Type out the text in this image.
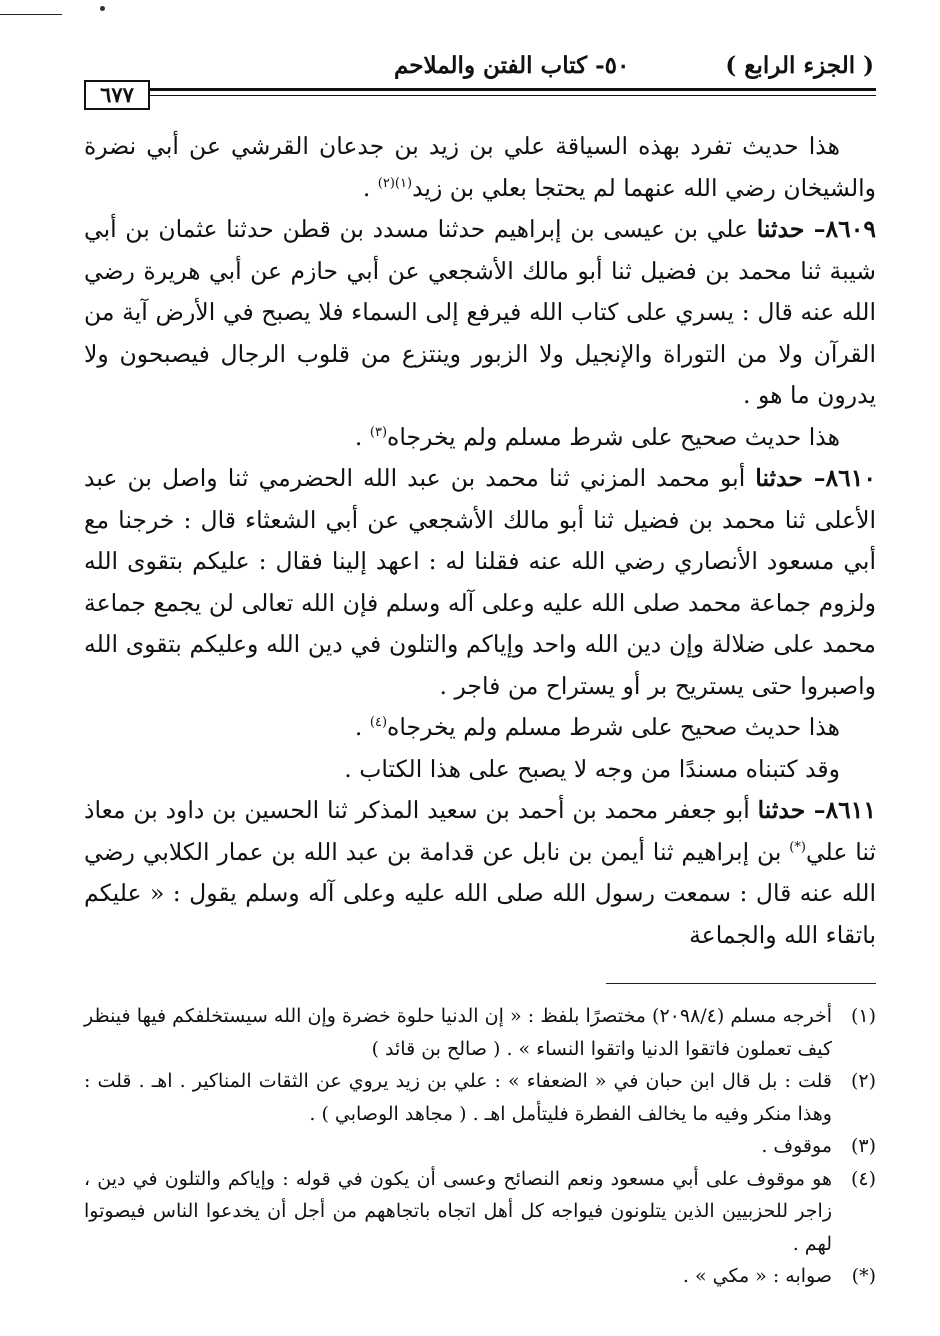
( الجزء الرابع )
٥٠- كتاب الفتن والملاحم
٦٧٧

هذا حديث تفرد بهذه السياقة علي بن زيد بن جدعان القرشي عن أبي نضرة والشيخان رضي الله عنهما لم يحتجا بعلي بن زيد$^{(١)(٢)}$ .

٨٦٠٩– حدثنا علي بن عيسى بن إبراهيم حدثنا مسدد بن قطن حدثنا عثمان بن أبي شيبة ثنا محمد بن فضيل ثنا أبو مالك الأشجعي عن أبي حازم عن أبي هريرة رضي الله عنه قال : يسري على كتاب الله فيرفع إلى السماء فلا يصبح في الأرض آية من القرآن ولا من التوراة والإنجيل ولا الزبور وينتزع من قلوب الرجال فيصبحون ولا يدرون ما هو .

هذا حديث صحيح على شرط مسلم ولم يخرجاه$^{(٣)}$ .

٨٦١٠– حدثنا أبو محمد المزني ثنا محمد بن عبد الله الحضرمي ثنا واصل بن عبد الأعلى ثنا محمد بن فضيل ثنا أبو مالك الأشجعي عن أبي الشعثاء قال : خرجنا مع أبي مسعود الأنصاري رضي الله عنه فقلنا له : اعهد إلينا فقال : عليكم بتقوى الله ولزوم جماعة محمد صلى الله عليه وعلى آله وسلم فإن الله تعالى لن يجمع جماعة محمد على ضلالة وإن دين الله واحد وإياكم والتلون في دين الله وعليكم بتقوى الله واصبروا حتى يستريح بر أو يستراح من فاجر .

هذا حديث صحيح على شرط مسلم ولم يخرجاه$^{(٤)}$ .

وقد كتبناه مسندًا من وجه لا يصبح على هذا الكتاب .

٨٦١١– حدثنا أبو جعفر محمد بن أحمد بن سعيد المذكر ثنا الحسين بن داود بن معاذ ثنا علي(*) بن إبراهيم ثنا أيمن بن نابل عن قدامة بن عبد الله بن عمار الكلابي رضي الله عنه قال : سمعت رسول الله صلى الله عليه وعلى آله وسلم يقول : « عليكم باتقاء الله والجماعة

(١)
أخرجه مسلم (٢٠٩٨/٤) مختصرًا بلفظ : « إن الدنيا حلوة خضرة وإن الله سيستخلفكم فيها فينظر كيف تعملون فاتقوا الدنيا واتقوا النساء » . ( صالح بن قائد )
(٢)
قلت : بل قال ابن حبان في « الضعفاء » : علي بن زيد يروي عن الثقات المناكير . اهـ . قلت : وهذا منكر وفيه ما يخالف الفطرة فليتأمل اهـ . ( مجاهد الوصابي ) .
(٣)
موقوف .
(٤)
هو موقوف على أبي مسعود ونعم النصائح وعسى أن يكون في قوله : وإياكم والتلون في دين ، زاجر للحزبيين الذين يتلونون فيواجه كل أهل اتجاه باتجاههم من أجل أن يخدعوا الناس فيصوتوا لهم .
(*)
صوابه : « مكي » .
